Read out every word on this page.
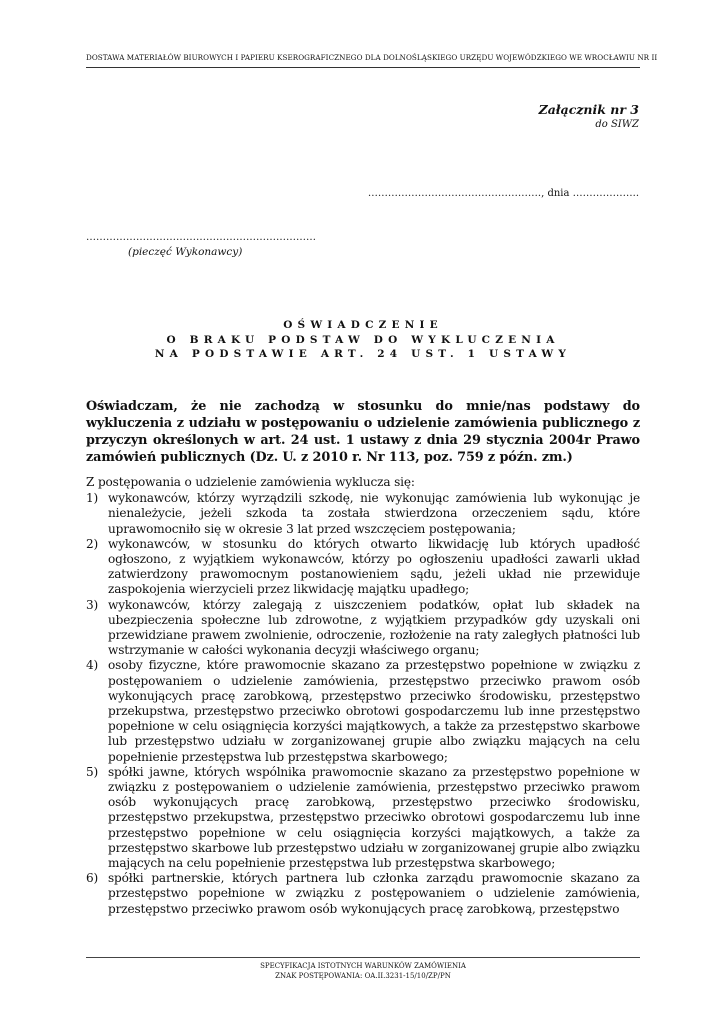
DOSTAWA MATERIAŁÓW BIUROWYCH I PAPIERU KSEROGRAFICZNEGO DLA DOLNOŚLĄSKIEGO URZĘDU WOJEWÓDZKIEGO WE WROCŁAWIU NR II
Załącznik nr 3
do SIWZ
……………………………………………., dnia ………………..
……………………………………………………………
(pieczęć Wykonawcy)
OŚWIADCZENIE
O BRAKU PODSTAW DO WYKLUCZENIA
NA PODSTAWIE ART. 24 UST. 1 USTAWY
Oświadczam, że nie zachodzą w stosunku do mnie/nas podstawy do wykluczenia z udziału w postępowaniu o udzielenie zamówienia publicznego z przyczyn określonych w art. 24 ust. 1 ustawy z dnia 29 stycznia 2004r Prawo zamówień publicznych (Dz. U. z 2010 r. Nr 113, poz. 759 z późn. zm.)
Z postępowania o udzielenie zamówienia wyklucza się:
1) wykonawców, którzy wyrządzili szkodę, nie wykonując zamówienia lub wykonując je nienależycie, jeżeli szkoda ta została stwierdzona orzeczeniem sądu, które uprawomocniło się w okresie 3 lat przed wszczęciem postępowania;
2) wykonawców, w stosunku do których otwarto likwidację lub których upadłość ogłoszono, z wyjątkiem wykonawców, którzy po ogłoszeniu upadłości zawarli układ zatwierdzony prawomocnym postanowieniem sądu, jeżeli układ nie przewiduje zaspokojenia wierzycieli przez likwidację majątku upadłego;
3) wykonawców, którzy zalegają z uiszczeniem podatków, opłat lub składek na ubezpieczenia społeczne lub zdrowotne, z wyjątkiem przypadków gdy uzyskali oni przewidziane prawem zwolnienie, odroczenie, rozłożenie na raty zaległych płatności lub wstrzymanie w całości wykonania decyzji właściwego organu;
4) osoby fizyczne, które prawomocnie skazano za przestępstwo popełnione w związku z postępowaniem o udzielenie zamówienia, przestępstwo przeciwko prawom osób wykonujących pracę zarobkową, przestępstwo przeciwko środowisku, przestępstwo przekupstwa, przestępstwo przeciwko obrotowi gospodarczemu lub inne przestępstwo popełnione w celu osiągnięcia korzyści majątkowych, a także za przestępstwo skarbowe lub przestępstwo udziału w zorganizowanej grupie albo związku mających na celu popełnienie przestępstwa lub przestępstwa skarbowego;
5) spółki jawne, których wspólnika prawomocnie skazano za przestępstwo popełnione w związku z postępowaniem o udzielenie zamówienia, przestępstwo przeciwko prawom osób wykonujących pracę zarobkową, przestępstwo przeciwko środowisku, przestępstwo przekupstwa, przestępstwo przeciwko obrotowi gospodarczemu lub inne przestępstwo popełnione w celu osiągnięcia korzyści majątkowych, a także za przestępstwo skarbowe lub przestępstwo udziału w zorganizowanej grupie albo związku mających na celu popełnienie przestępstwa lub przestępstwa skarbowego;
6) spółki partnerskie, których partnera lub członka zarządu prawomocnie skazano za przestępstwo popełnione w związku z postępowaniem o udzielenie zamówienia, przestępstwo przeciwko prawom osób wykonujących pracę zarobkową, przestępstwo
SPECYFIKACJA ISTOTNYCH WARUNKÓW ZAMÓWIENIA
ZNAK POSTĘPOWANIA: OA.II.3231-15/10/ZP/PN
